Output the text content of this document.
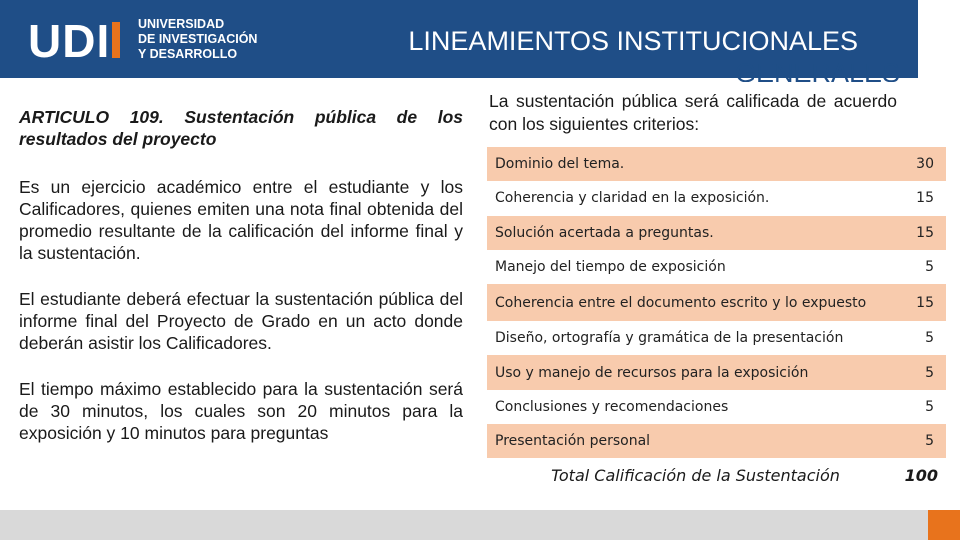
UDI	UNIVERSIDAD
DE INVESTIGACIÓN
Y DESARROLLO	LINEAMIENTOS INSTITUCIONALES
GENERALES

ARTICULO 109. Sustentación pública de los resultados del proyecto

Es un ejercicio académico entre el estudiante y los Calificadores, quienes emiten una nota final obtenida del promedio resultante de la calificación del informe final y la sustentación.

El estudiante deberá efectuar la sustentación pública del informe final del Proyecto de Grado en un acto donde deberán asistir los Calificadores.

El tiempo máximo establecido para la sustentación será de 30 minutos, los cuales son 20 minutos para la exposición y 10 minutos para preguntas

La sustentación pública será calificada de acuerdo con los siguientes criterios:
Dominio del tema.	30
Coherencia y claridad en la exposición.	15
Solución acertada a preguntas.	15
Manejo del tiempo de exposición	5
Coherencia entre el documento escrito y lo expuesto	15
Diseño, ortografía y gramática de la presentación	5
Uso y manejo de recursos para la exposición	5
Conclusiones y recomendaciones	5
Presentación personal	5
Total Calificación de la Sustentación	100
